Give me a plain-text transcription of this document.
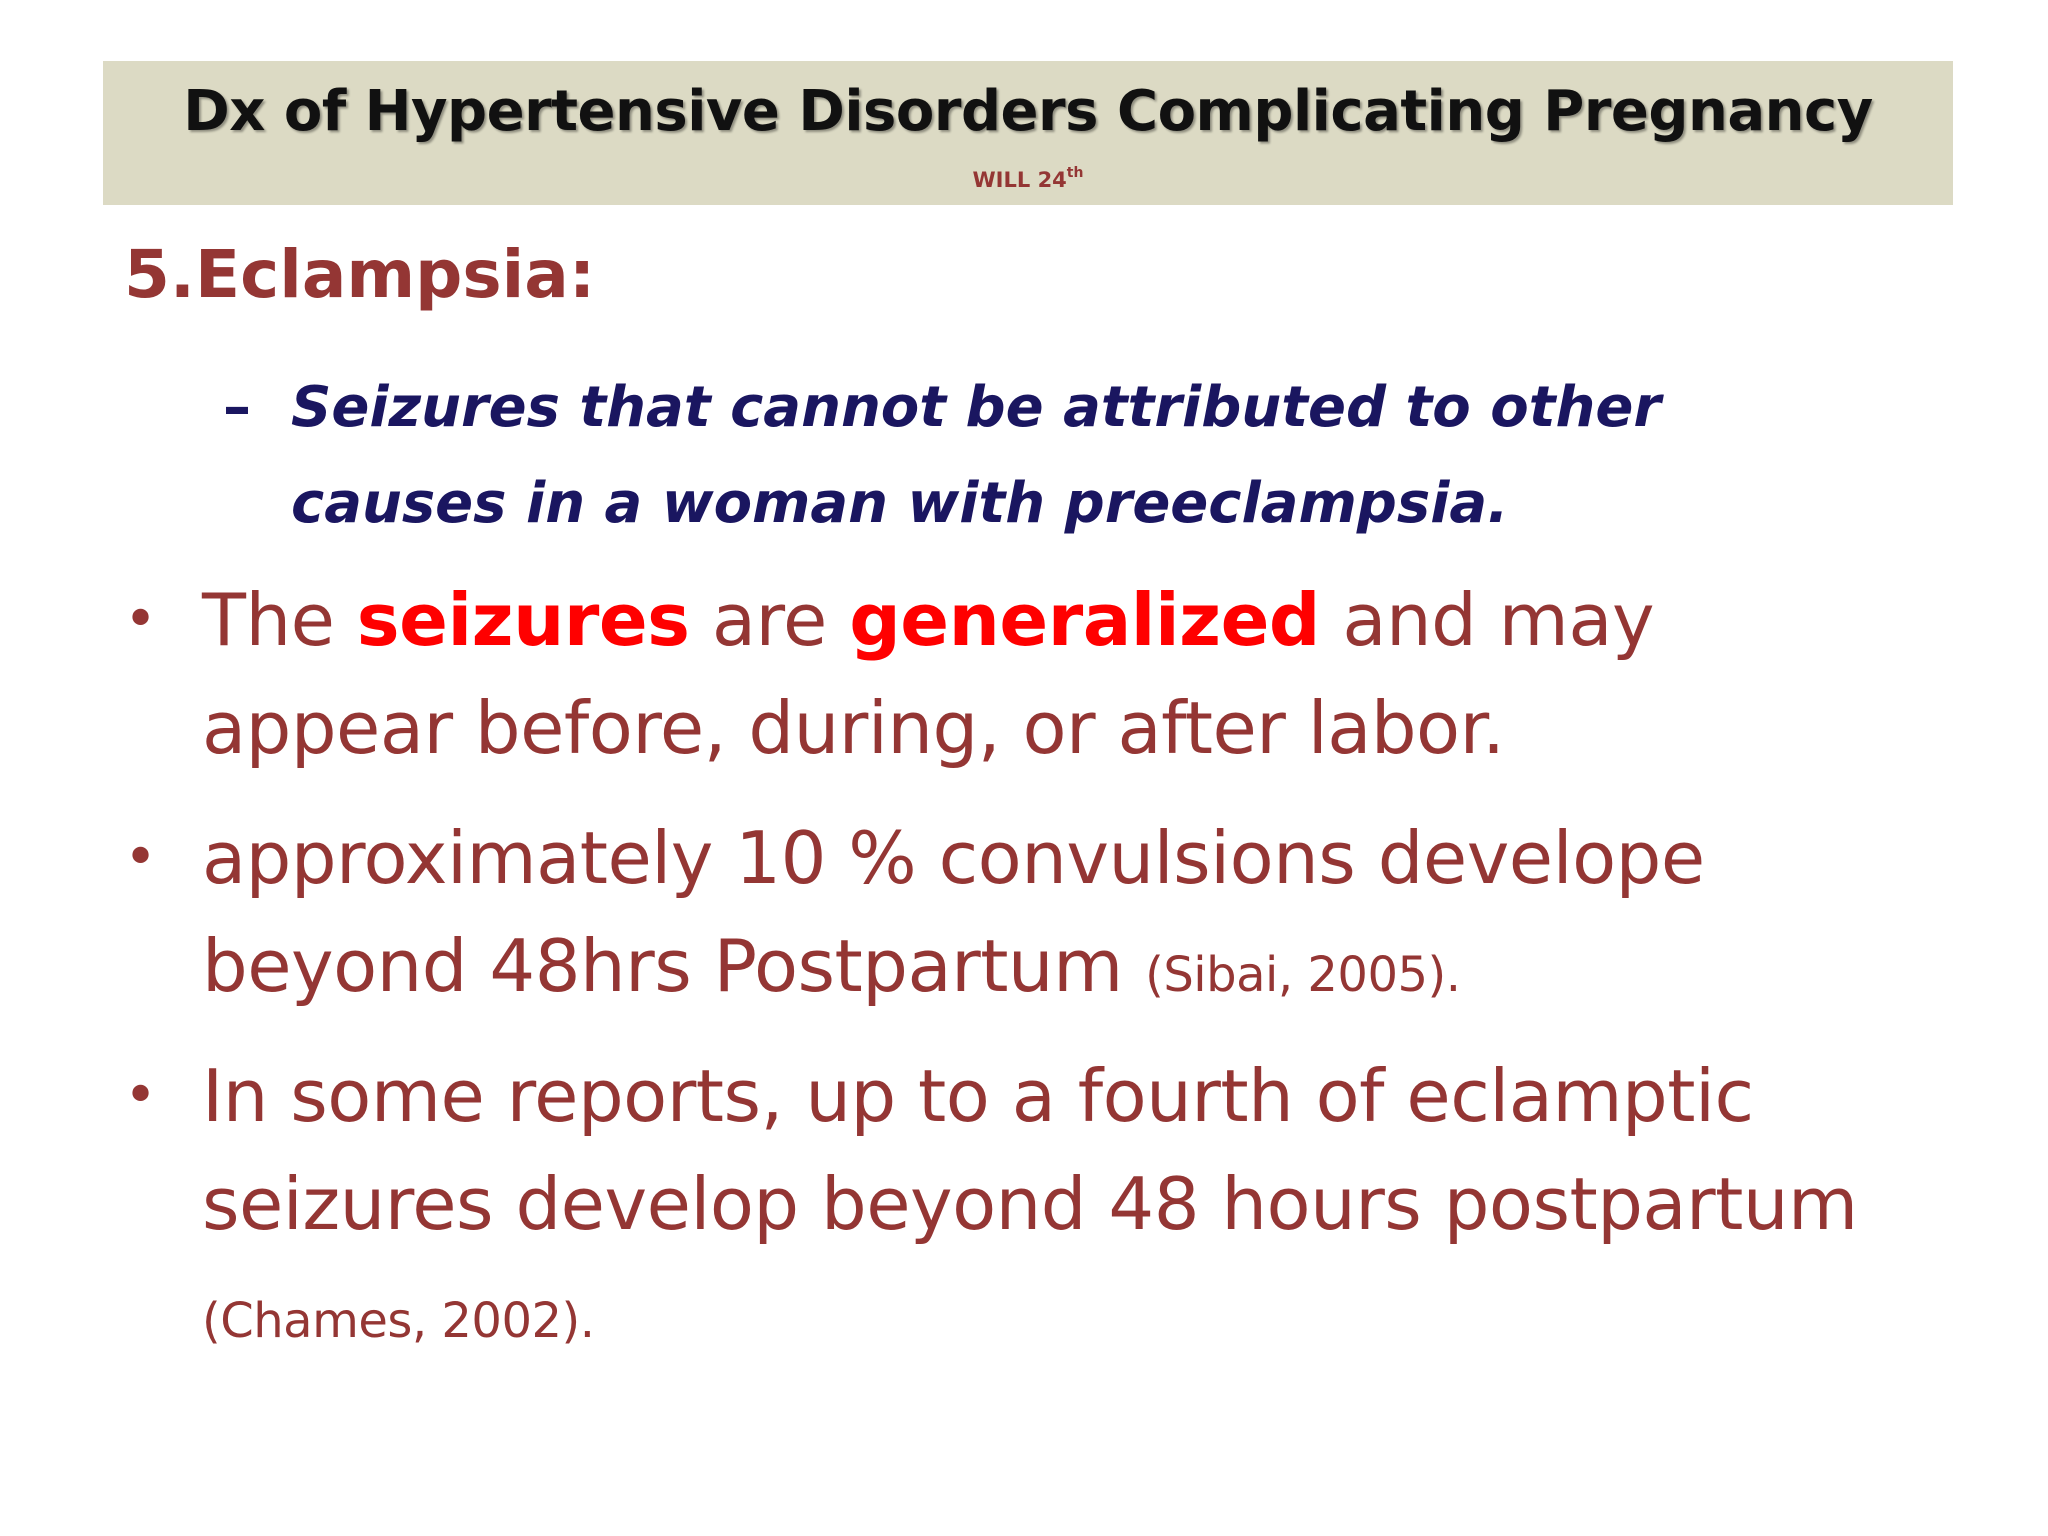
Dx of Hypertensive Disorders Complicating Pregnancy
WILL 24th
5.Eclampsia:
– Seizures that cannot be attributed to other causes in a woman with preeclampsia.
• The seizures are generalized and may appear before, during, or after labor.
• approximately 10 % convulsions develope beyond 48hrs Postpartum (Sibai, 2005).
• In some reports, up to a fourth of eclamptic seizures develop beyond 48 hours postpartum (Chames, 2002).
